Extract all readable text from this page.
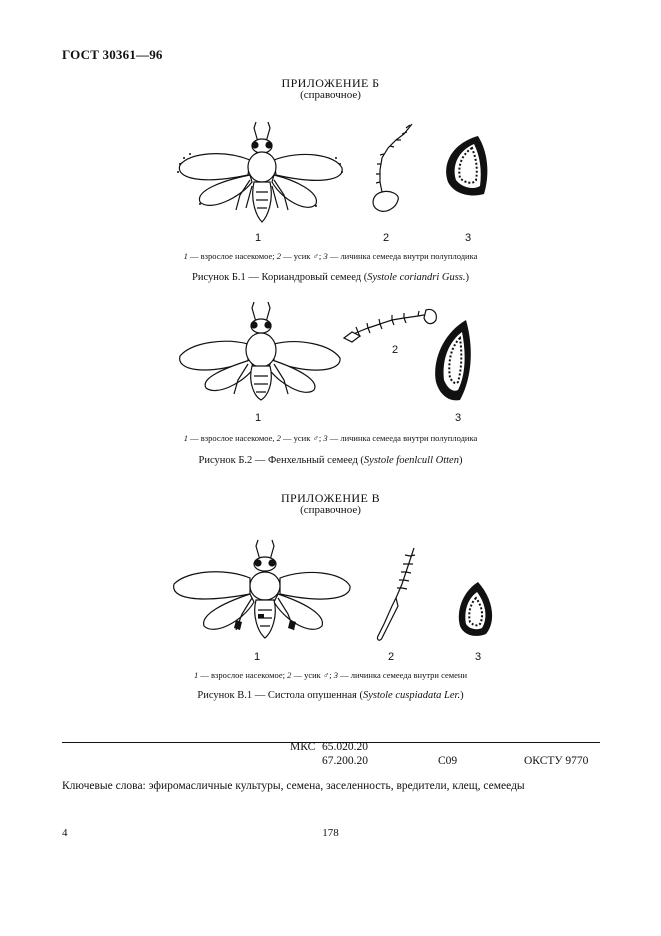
ГОСТ 30361—96
ПРИЛОЖЕНИЕ Б
(справочное)
1	2	3
1 — взрослое насекомое; 2 — усик ♂; 3 — личинка семееда внутри полуплодика
Рисунок Б.1 — Кориандровый семеед (Systole coriandri Guss.)
2
1	3
1 — взрослое насекомое, 2 — усик ♂; 3 — личинка семееда внутри полуплодика
Рисунок Б.2 — Фенхельный семеед (Systole foenlcull Otten)
ПРИЛОЖЕНИЕ В
(справочное)
1	2	3
1 — взрослое насекомое; 2 — усик ♂; 3 — личинка семееда внутри семени
Рисунок В.1 — Систола опушенная (Systole cuspiadata Ler.)
МКС 65.020.20
67.200.20	С09	ОКСТУ 9770
Ключевые слова: эфиромасличные культуры, семена, заселенность, вредители, клещ, семееды
4	178
